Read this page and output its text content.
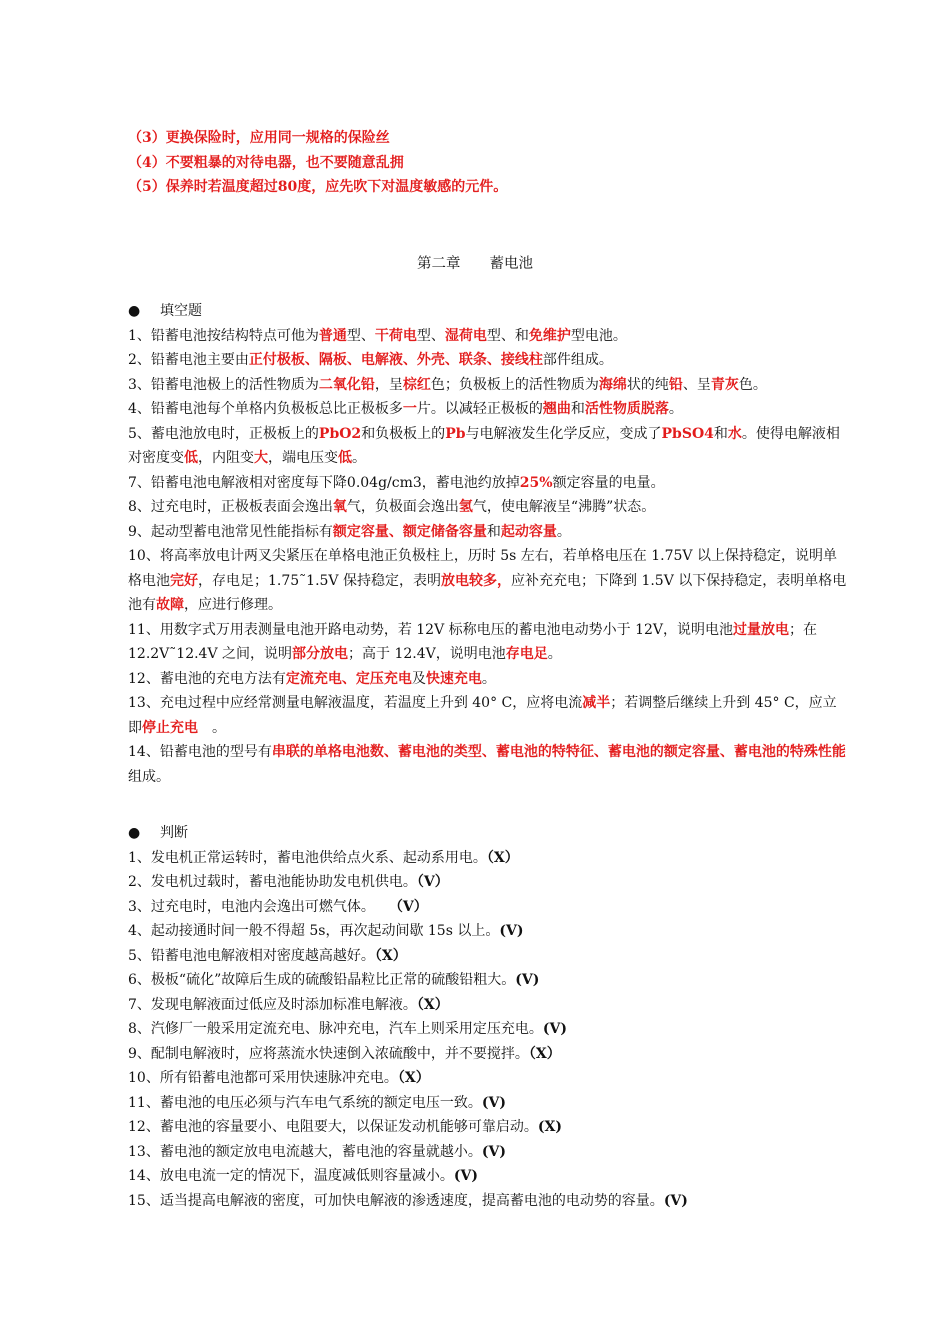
（3）更换保险时，应用同一规格的保险丝
（4）不要粗暴的对待电器，也不要随意乱拥
（5）保养时若温度超过80度，应先吹下对温度敏感的元件。
第二章　　蓄电池
● 填空题
1、铅蓄电池按结构特点可他为普通型、干荷电型、湿荷电型、和免维护型电池。
2、铅蓄电池主要由正付极板、隔板、电解液、外壳、联条、接线柱部件组成。
3、铅蓄电池极上的活性物质为二氧化铅，呈棕红色；负极板上的活性物质为海绵状的纯铅、呈青灰色。
4、铅蓄电池每个单格内负极板总比正极板多一片。以减轻正极板的翘曲和活性物质脱落。
5、蓄电池放电时，正极板上的PbO2和负极板上的Pb与电解液发生化学反应，变成了PbSO4和水。使得电解液相对密度变低，内阻变大，端电压变低。
7、铅蓄电池电解液相对密度每下降0.04g/cm3，蓄电池约放掉25%额定容量的电量。
8、过充电时，正极板表面会逸出氧气，负极面会逸出氢气，使电解液呈“沸腾”状态。
9、起动型蓄电池常见性能指标有额定容量、额定储备容量和起动容量。
10、将高率放电计两叉尖紧压在单格电池正负极柱上，历时 5s 左右，若单格电压在 1.75V 以上保持稳定，说明单格电池完好，存电足；1.75˜1.5V 保持稳定，表明放电较多，应补充充电；下降到 1.5V 以下保持稳定，表明单格电池有故障，应进行修理。
11、用数字式万用表测量电池开路电动势，若 12V 标称电压的蓄电池电动势小于 12V，说明电池过量放电；在 12.2V˜12.4V 之间，说明部分放电；高于 12.4V，说明电池存电足。
12、蓄电池的充电方法有定流充电、定压充电及快速充电。
13、充电过程中应经常测量电解液温度，若温度上升到 40° C，应将电流减半；若调整后继续上升到 45° C，应立即停止充电　。
14、铅蓄电池的型号有串联的单格电池数、蓄电池的类型、蓄电池的特特征、蓄电池的额定容量、蓄电池的特殊性能组成。
● 判断
1、发电机正常运转时，蓄电池供给点火系、起动系用电。（X）
2、发电机过载时，蓄电池能协助发电机供电。（V）
3、过充电时，电池内会逸出可燃气体。　　（V）
4、起动接通时间一般不得超 5s，再次起动间歇 15s 以上。(V)
5、铅蓄电池电解液相对密度越高越好。（X）
6、极板“硫化”故障后生成的硫酸铅晶粒比正常的硫酸铅粗大。(V)
7、发现电解液面过低应及时添加标准电解液。（X）
8、汽修厂一般采用定流充电、脉冲充电，汽车上则采用定压充电。(V)
9、配制电解液时，应将蒸流水快速倒入浓硫酸中，并不要搅拌。（X）
10、所有铅蓄电池都可采用快速脉冲充电。（X）
11、蓄电池的电压必须与汽车电气系统的额定电压一致。(V)
12、蓄电池的容量要小、电阻要大，以保证发动机能够可靠启动。(X)
13、蓄电池的额定放电电流越大，蓄电池的容量就越小。(V)
14、放电电流一定的情况下，温度减低则容量减小。(V)
15、适当提高电解液的密度，可加快电解液的渗透速度，提高蓄电池的电动势的容量。(V)
